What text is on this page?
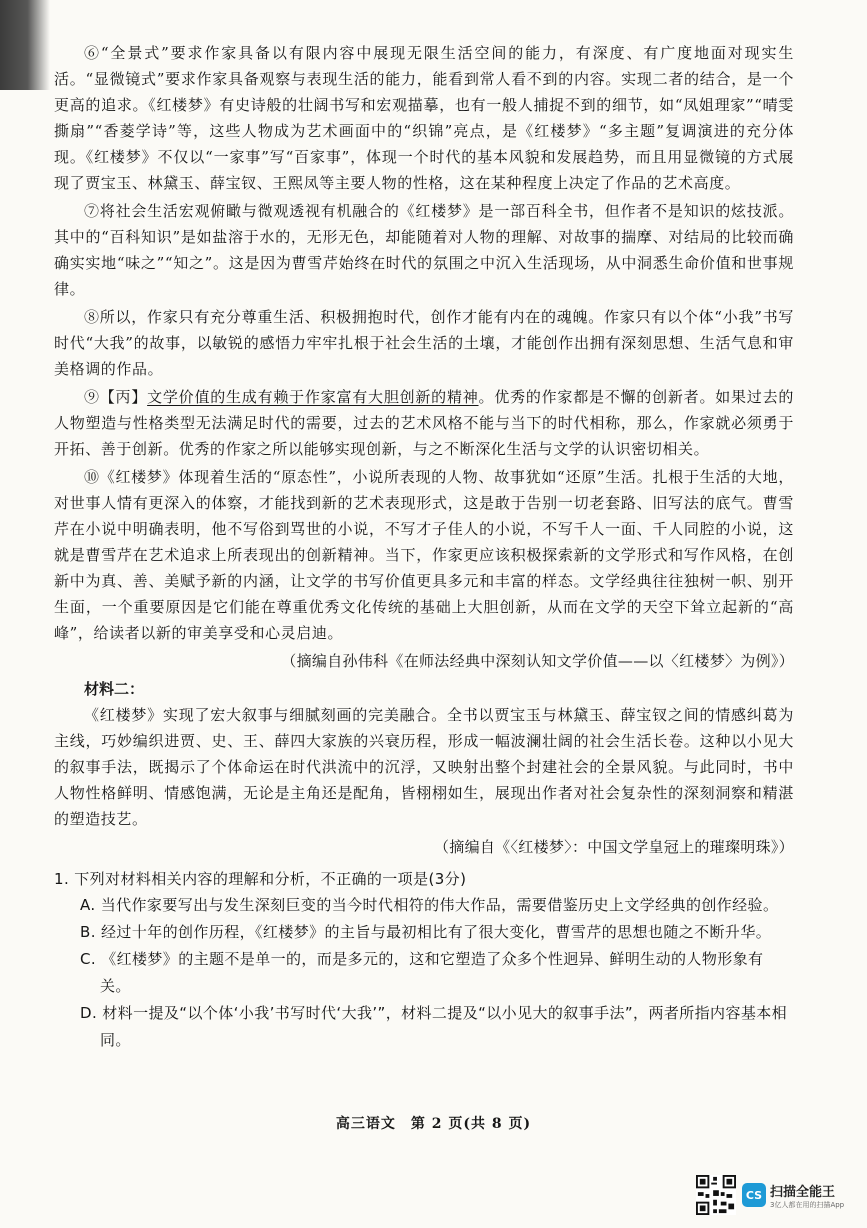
⑥“全景式”要求作家具备以有限内容中展现无限生活空间的能力，有深度、有广度地面对现实生活。“显微镜式”要求作家具备观察与表现生活的能力，能看到常人看不到的内容。实现二者的结合，是一个更高的追求。《红楼梦》有史诗般的壮阔书写和宏观描摹，也有一般人捕捉不到的细节，如“凤姐理家”“晴雯撕扇”“香菱学诗”等，这些人物成为艺术画面中的“织锦”亮点，是《红楼梦》“多主题”复调演进的充分体现。《红楼梦》不仅以“一家事”写“百家事”，体现一个时代的基本风貌和发展趋势，而且用显微镜的方式展现了贾宝玉、林黛玉、薛宝钗、王熙凤等主要人物的性格，这在某种程度上决定了作品的艺术高度。

⑦将社会生活宏观俯瞰与微观透视有机融合的《红楼梦》是一部百科全书，但作者不是知识的炫技派。其中的“百科知识”是如盐溶于水的，无形无色，却能随着对人物的理解、对故事的揣摩、对结局的比较而确确实实地“味之”“知之”。这是因为曹雪芹始终在时代的氛围之中沉入生活现场，从中洞悉生命价值和世事规律。

⑧所以，作家只有充分尊重生活、积极拥抱时代，创作才能有内在的魂魄。作家只有以个体“小我”书写时代“大我”的故事，以敏锐的感悟力牢牢扎根于社会生活的土壤，才能创作出拥有深刻思想、生活气息和审美格调的作品。

⑨【丙】文学价值的生成有赖于作家富有大胆创新的精神。优秀的作家都是不懈的创新者。如果过去的人物塑造与性格类型无法满足时代的需要，过去的艺术风格不能与当下的时代相称，那么，作家就必须勇于开拓、善于创新。优秀的作家之所以能够实现创新，与之不断深化生活与文学的认识密切相关。

⑩《红楼梦》体现着生活的“原态性”，小说所表现的人物、故事犹如“还原”生活。扎根于生活的大地，对世事人情有更深入的体察，才能找到新的艺术表现形式，这是敢于告别一切老套路、旧写法的底气。曹雪芹在小说中明确表明，他不写俗到骂世的小说，不写才子佳人的小说，不写千人一面、千人同腔的小说，这就是曹雪芹在艺术追求上所表现出的创新精神。当下，作家更应该积极探索新的文学形式和写作风格，在创新中为真、善、美赋予新的内涵，让文学的书写价值更具多元和丰富的样态。文学经典往往独树一帜、别开生面，一个重要原因是它们能在尊重优秀文化传统的基础上大胆创新，从而在文学的天空下耸立起新的“高峰”，给读者以新的审美享受和心灵启迪。

（摘编自孙伟科《在师法经典中深刻认知文学价值——以〈红楼梦〉为例》）

材料二：

《红楼梦》实现了宏大叙事与细腻刻画的完美融合。全书以贾宝玉与林黛玉、薛宝钗之间的情感纠葛为主线，巧妙编织进贾、史、王、薛四大家族的兴衰历程，形成一幅波澜壮阔的社会生活长卷。这种以小见大的叙事手法，既揭示了个体命运在时代洪流中的沉浮，又映射出整个封建社会的全景风貌。与此同时，书中人物性格鲜明、情感饱满，无论是主角还是配角，皆栩栩如生，展现出作者对社会复杂性的深刻洞察和精湛的塑造技艺。

（摘编自《〈红楼梦〉：中国文学皇冠上的璀璨明珠》）

1. 下列对材料相关内容的理解和分析，不正确的一项是(3分)

A. 当代作家要写出与发生深刻巨变的当今时代相符的伟大作品，需要借鉴历史上文学经典的创作经验。

B. 经过十年的创作历程，《红楼梦》的主旨与最初相比有了很大变化，曹雪芹的思想也随之不断升华。

C. 《红楼梦》的主题不是单一的，而是多元的，这和它塑造了众多个性迥异、鲜明生动的人物形象有关。

D. 材料一提及“以个体‘小我’书写时代‘大我’”，材料二提及“以小见大的叙事手法”，两者所指内容基本相同。

高三语文　第 2 页(共 8 页)
CS 扫描全能王
3亿人都在用的扫描App
